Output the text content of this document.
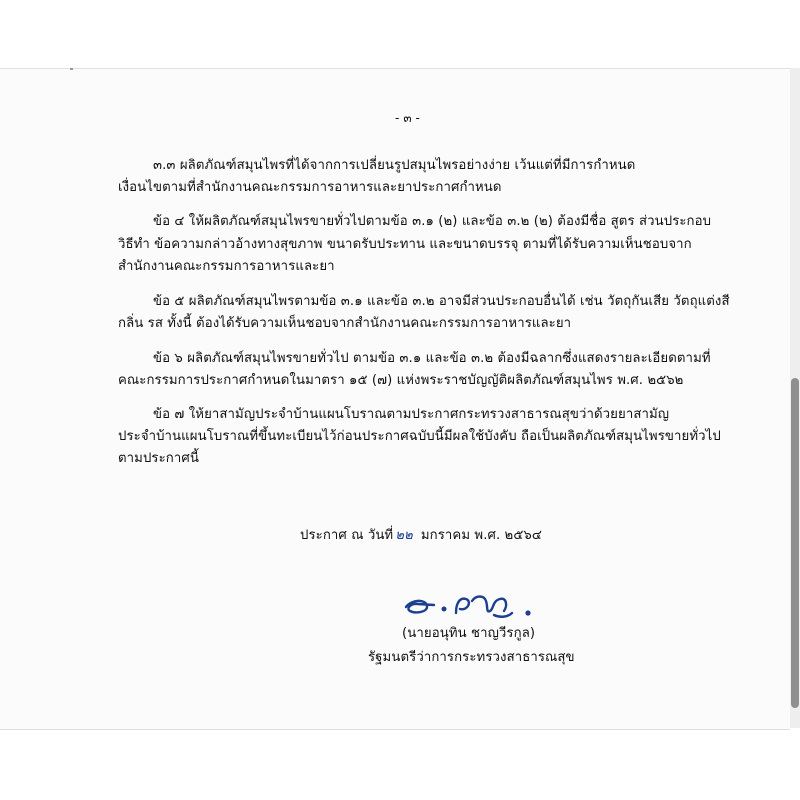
- ๓ -
๓.๓ ผลิตภัณฑ์สมุนไพรที่ได้จากการเปลี่ยนรูปสมุนไพรอย่างง่าย เว้นแต่ที่มีการกำหนด
เงื่อนไขตามที่สำนักงานคณะกรรมการอาหารและยาประกาศกำหนด
ข้อ ๔ ให้ผลิตภัณฑ์สมุนไพรขายทั่วไปตามข้อ ๓.๑ (๒) และข้อ ๓.๒ (๒) ต้องมีชื่อ สูตร ส่วนประกอบ
วิธีทำ ข้อความกล่าวอ้างทางสุขภาพ ขนาดรับประทาน และขนาดบรรจุ ตามที่ได้รับความเห็นชอบจาก
สำนักงานคณะกรรมการอาหารและยา
ข้อ ๕ ผลิตภัณฑ์สมุนไพรตามข้อ ๓.๑ และข้อ ๓.๒ อาจมีส่วนประกอบอื่นได้ เช่น วัตถุกันเสีย วัตถุแต่งสี
กลิ่น รส ทั้งนี้ ต้องได้รับความเห็นชอบจากสำนักงานคณะกรรมการอาหารและยา
ข้อ ๖ ผลิตภัณฑ์สมุนไพรขายทั่วไป ตามข้อ ๓.๑ และข้อ ๓.๒ ต้องมีฉลากซึ่งแสดงรายละเอียดตามที่
คณะกรรมการประกาศกำหนดในมาตรา ๑๕ (๗) แห่งพระราชบัญญัติผลิตภัณฑ์สมุนไพร พ.ศ. ๒๕๖๒
ข้อ ๗ ให้ยาสามัญประจำบ้านแผนโบราณตามประกาศกระทรวงสาธารณสุขว่าด้วยยาสามัญ
ประจำบ้านแผนโบราณที่ขึ้นทะเบียนไว้ก่อนประกาศฉบับนี้มีผลใช้บังคับ ถือเป็นผลิตภัณฑ์สมุนไพรขายทั่วไป
ตามประกาศนี้
ประกาศ ณ วันที่ ๒๒ มกราคม พ.ศ. ๒๕๖๔
(นายอนุทิน ชาญวีรกูล)
รัฐมนตรีว่าการกระทรวงสาธารณสุข
